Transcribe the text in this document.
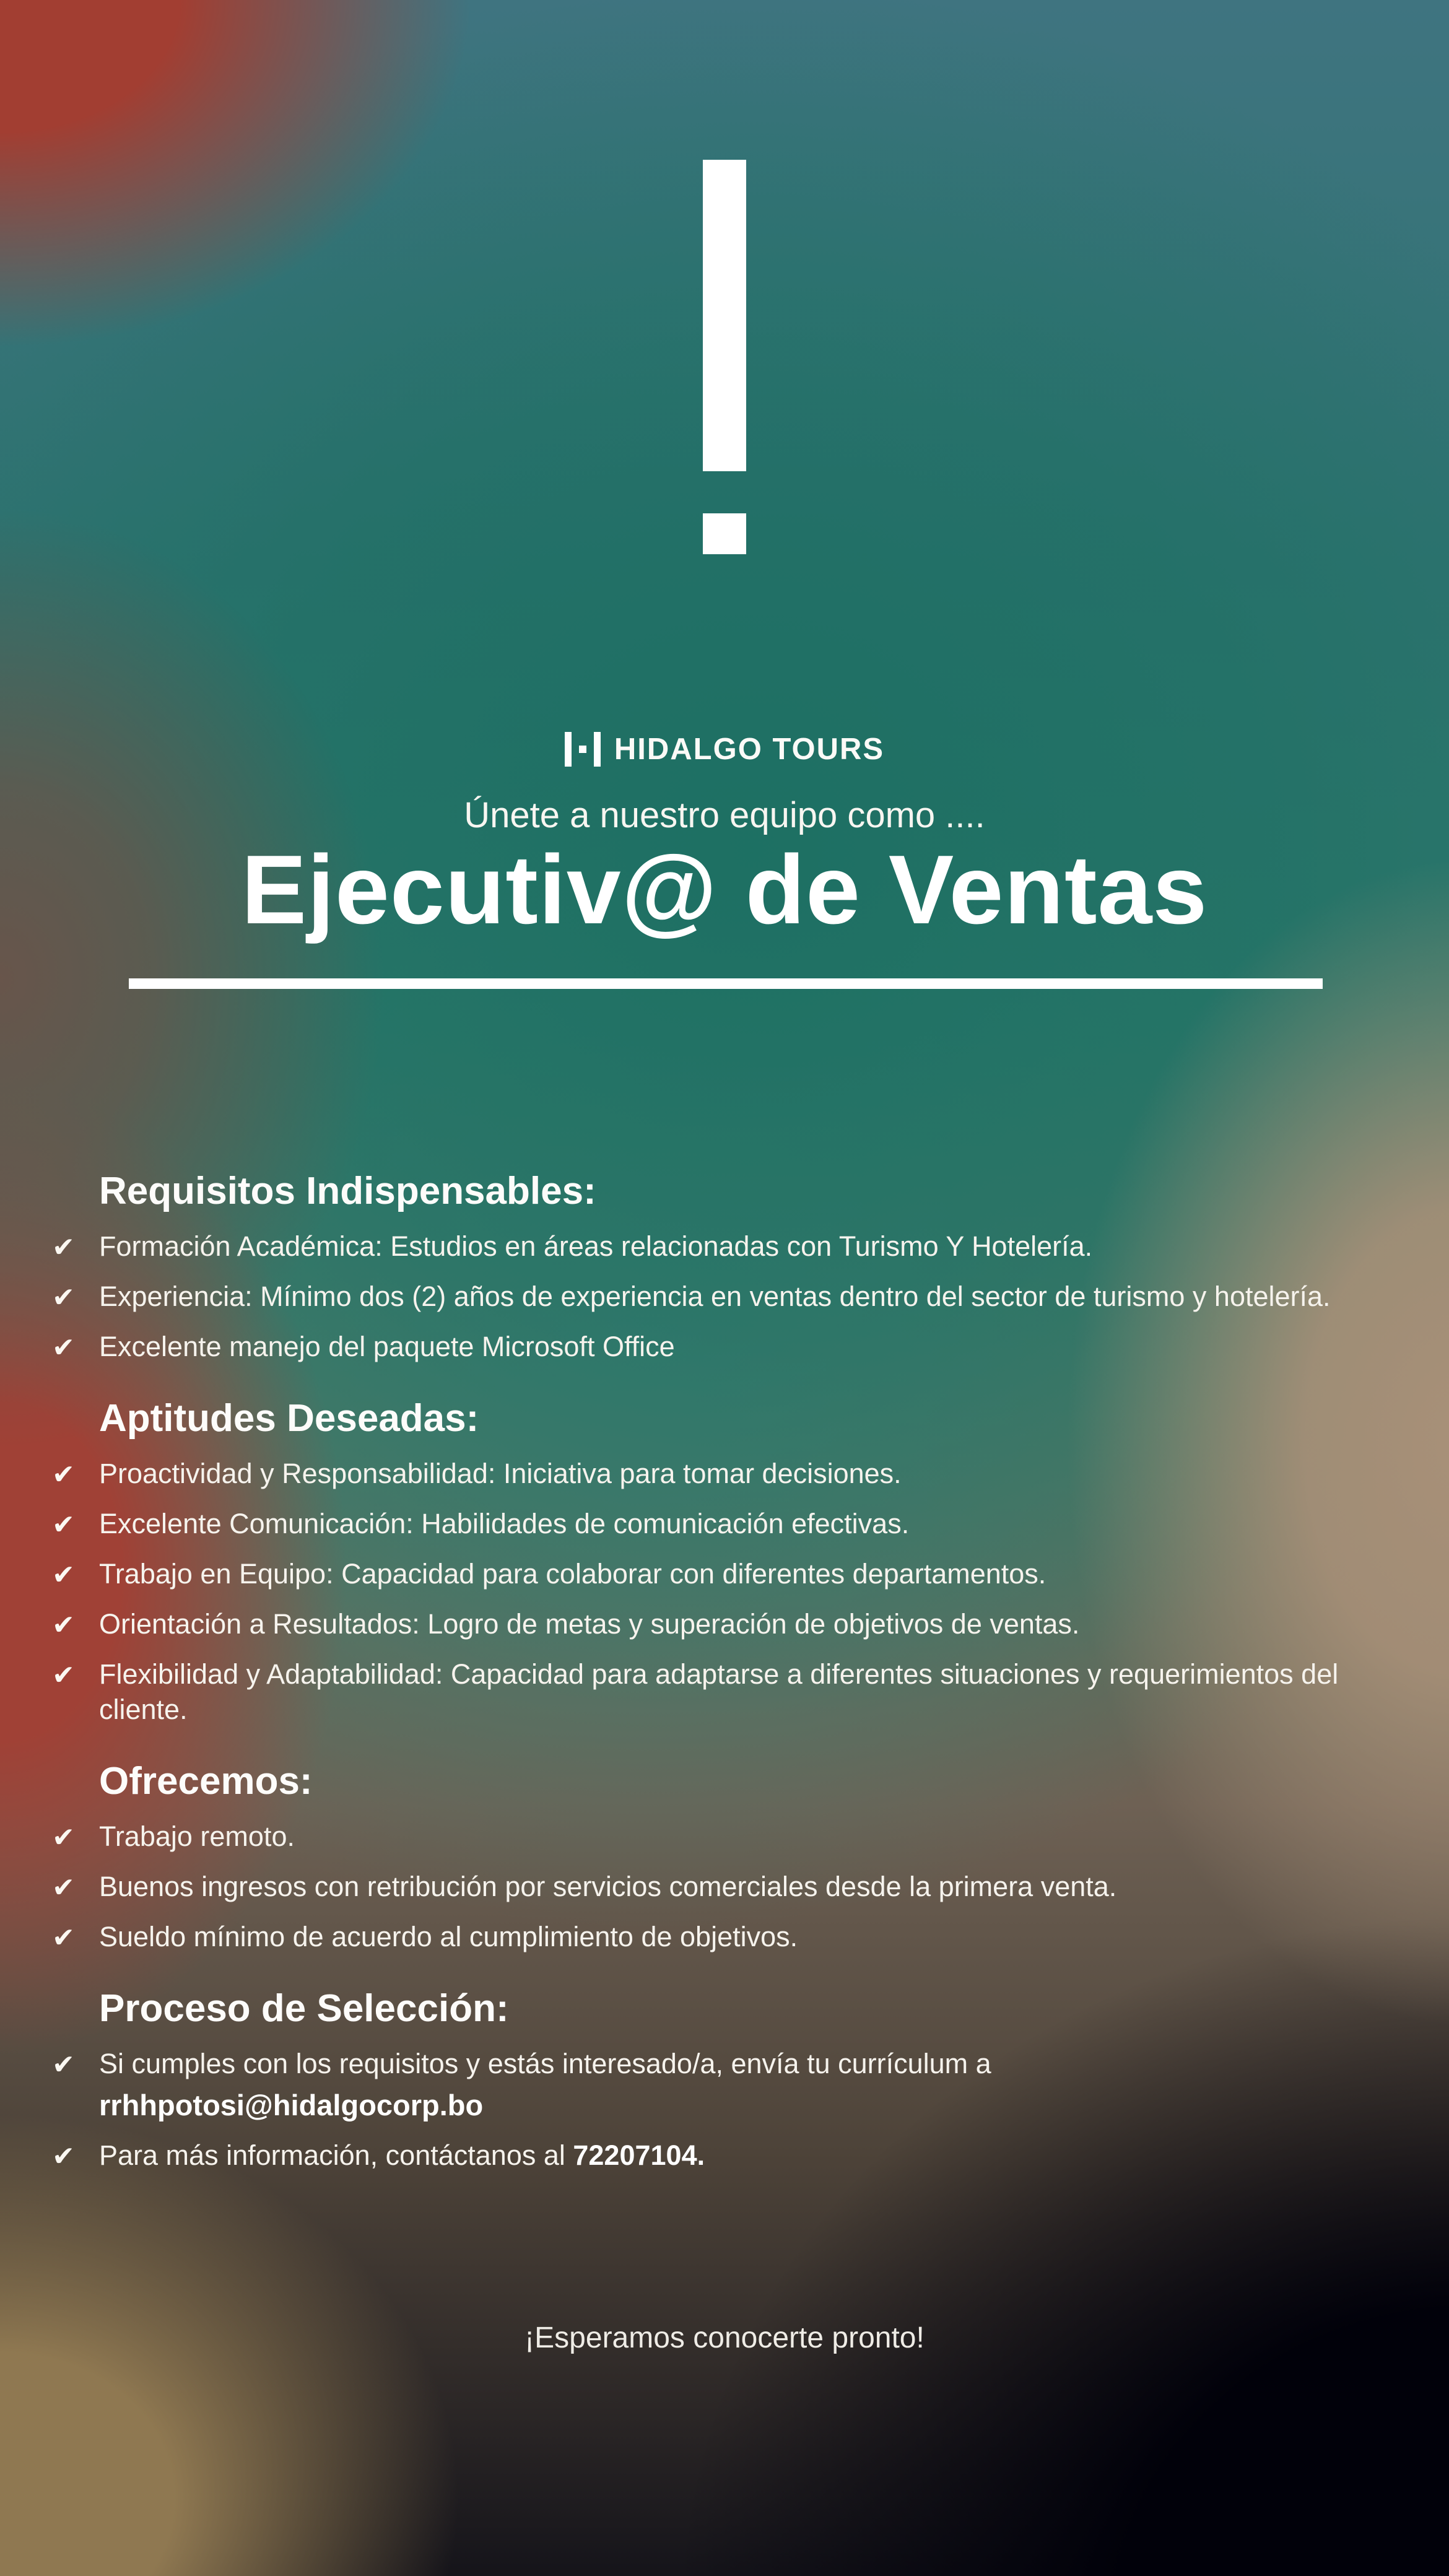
HIDALGO TOURS
Únete a nuestro equipo como ....
Ejecutiv@ de Ventas
Requisitos Indispensables:
✔ Formación Académica: Estudios en áreas relacionadas con Turismo Y Hotelería.
✔ Experiencia: Mínimo dos (2) años de experiencia en ventas dentro del sector de turismo y hotelería.
✔ Excelente manejo del paquete Microsoft Office
Aptitudes Deseadas:
✔ Proactividad y Responsabilidad: Iniciativa para tomar decisiones.
✔ Excelente Comunicación: Habilidades de comunicación efectivas.
✔ Trabajo en Equipo: Capacidad para colaborar con diferentes departamentos.
✔ Orientación a Resultados: Logro de metas y superación de objetivos de ventas.
✔ Flexibilidad y Adaptabilidad: Capacidad para adaptarse a diferentes situaciones y requerimientos del cliente.
Ofrecemos:
✔ Trabajo remoto.
✔ Buenos ingresos con retribución por servicios comerciales desde la primera venta.
✔ Sueldo mínimo de acuerdo al cumplimiento de objetivos.
Proceso de Selección:
✔ Si cumples con los requisitos y estás interesado/a, envía tu currículum a
rrhhpotosi@hidalgocorp.bo
✔ Para más información, contáctanos al 72207104.
¡Esperamos conocerte pronto!
